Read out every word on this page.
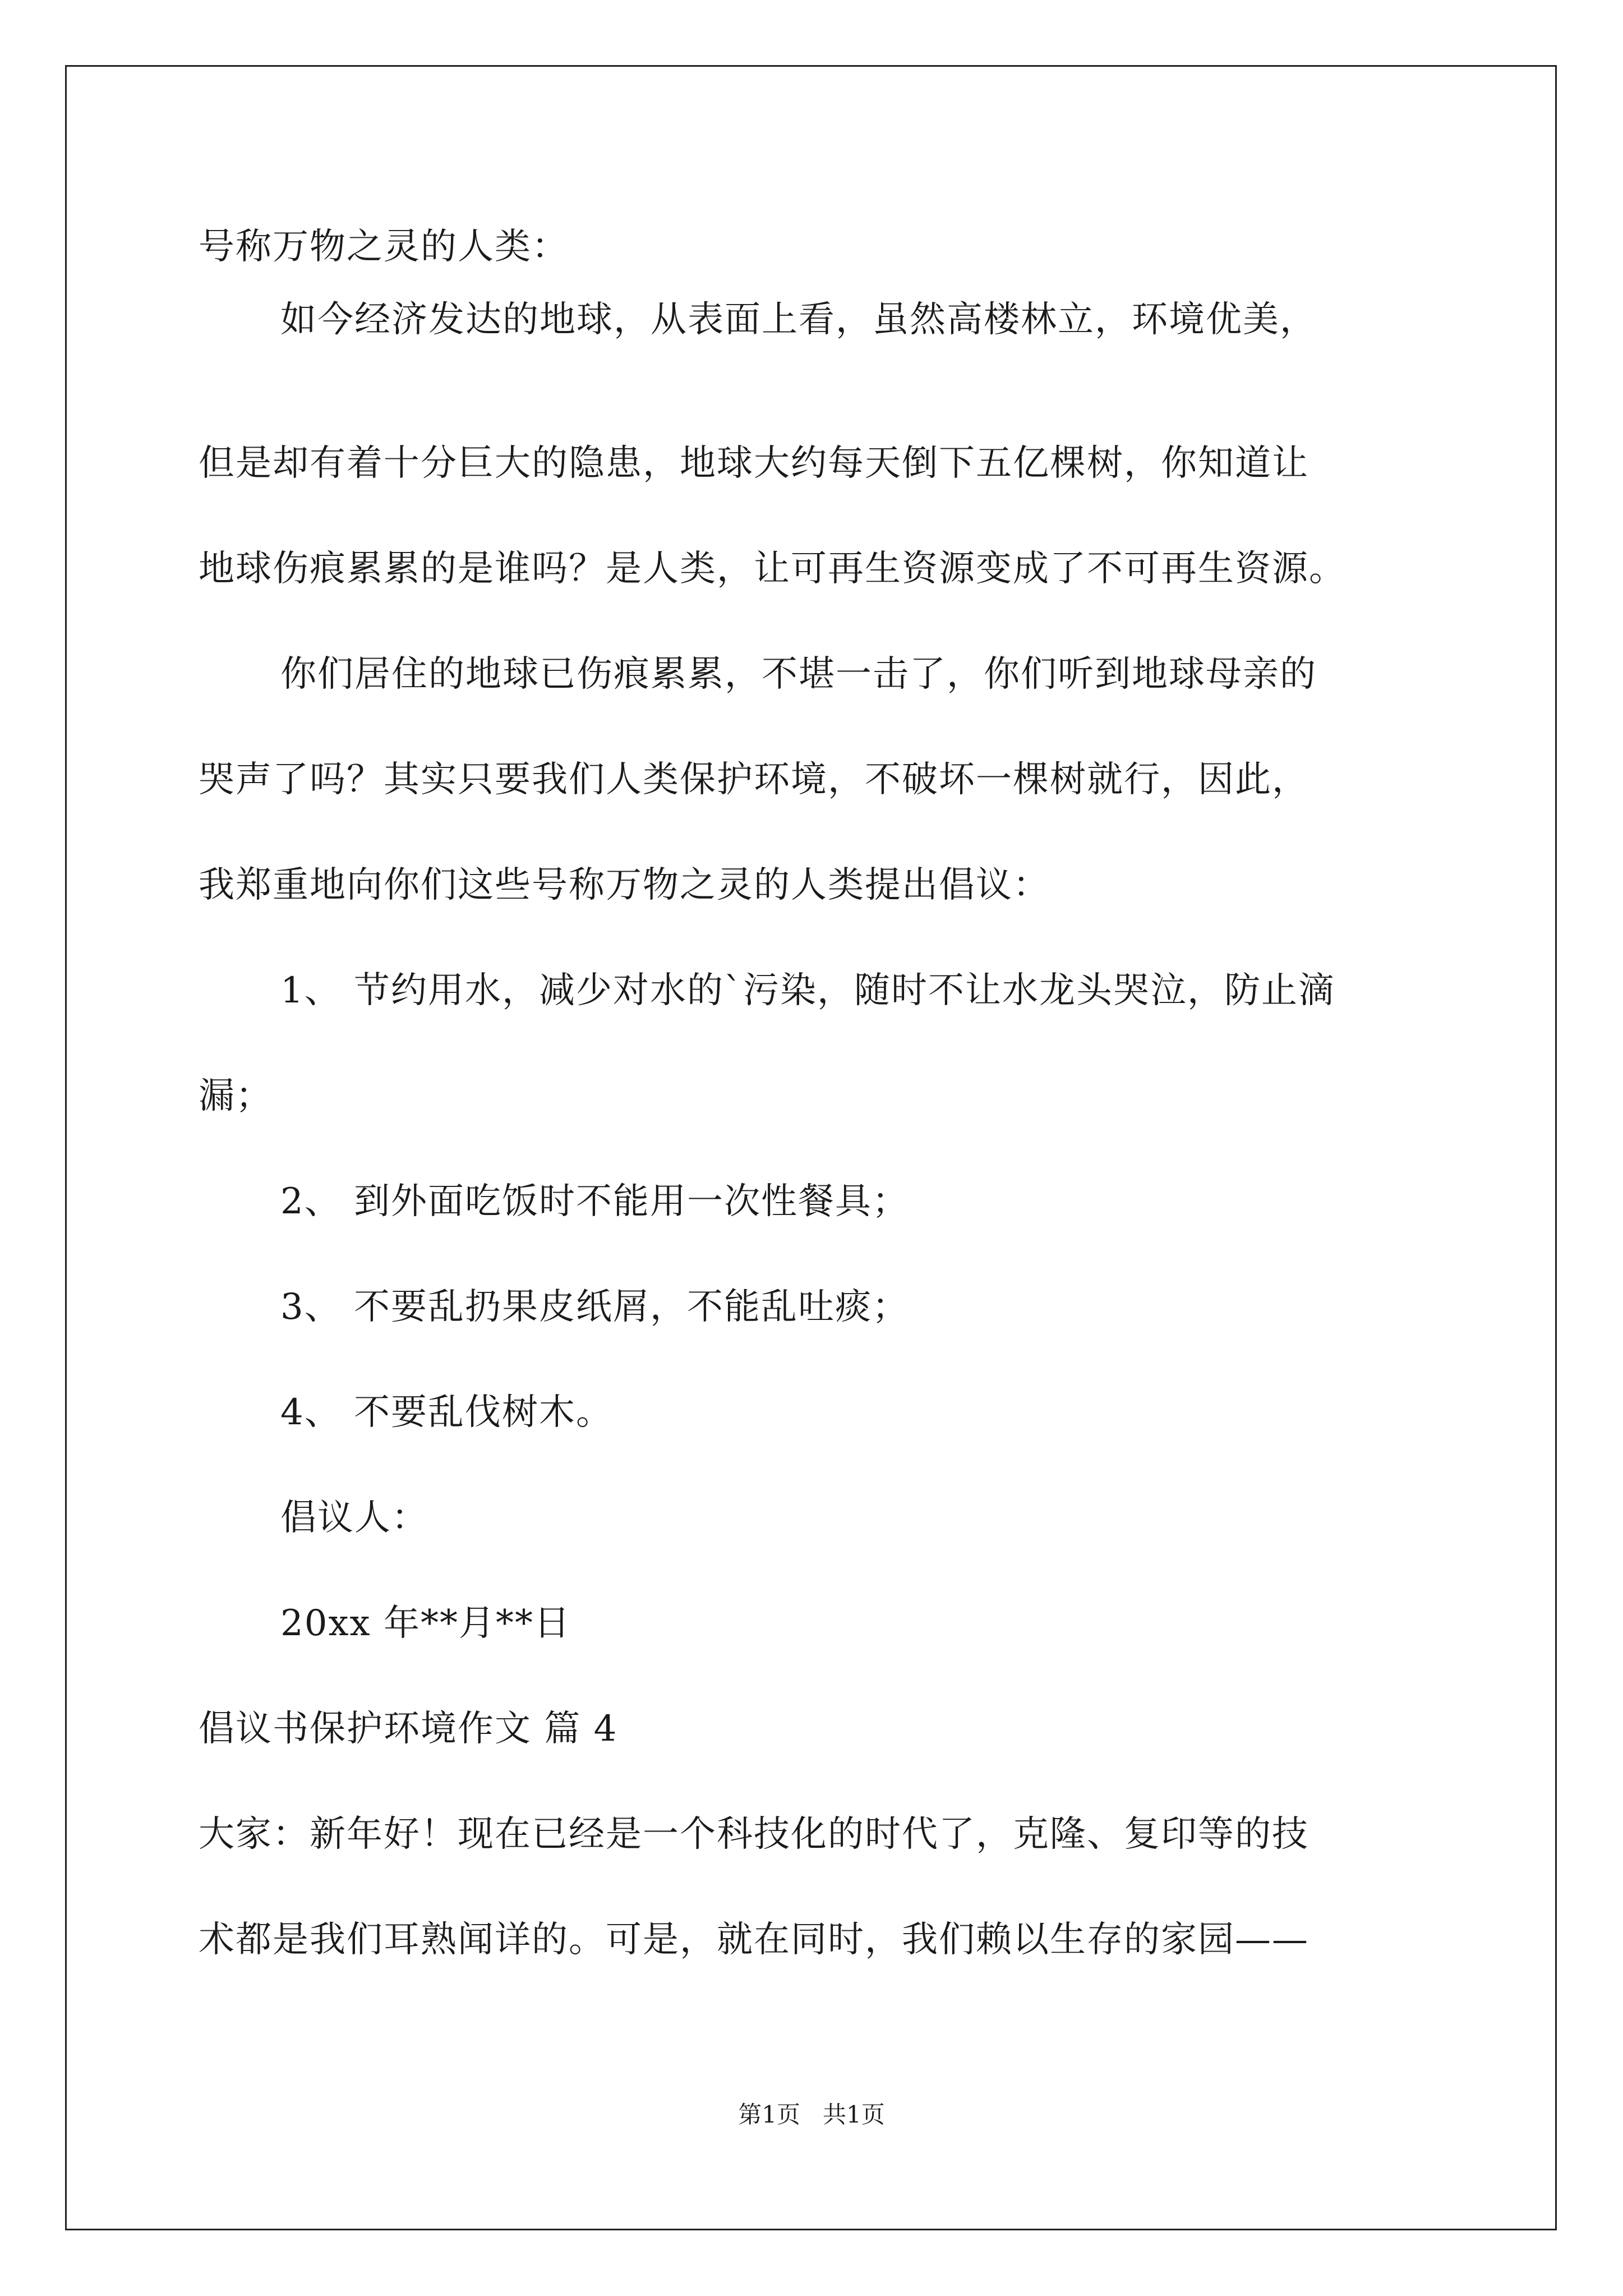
号称万物之灵的人类：
如今经济发达的地球，从表面上看，虽然高楼林立，环境优美，
但是却有着十分巨大的隐患，地球大约每天倒下五亿棵树，你知道让
地球伤痕累累的是谁吗？是人类，让可再生资源变成了不可再生资源。
你们居住的地球已伤痕累累，不堪一击了，你们听到地球母亲的
哭声了吗？其实只要我们人类保护环境，不破坏一棵树就行，因此，
我郑重地向你们这些号称万物之灵的人类提出倡议：
1、 节约用水，减少对水的`污染，随时不让水龙头哭泣，防止滴
漏；
2、 到外面吃饭时不能用一次性餐具；
3、 不要乱扔果皮纸屑，不能乱吐痰；
4、 不要乱伐树木。
倡议人：
20xx 年**月**日
倡议书保护环境作文 篇 4
大家：新年好！现在已经是一个科技化的时代了，克隆、复印等的技
术都是我们耳熟闻详的。可是，就在同时，我们赖以生存的家园——
第1页   共1页
